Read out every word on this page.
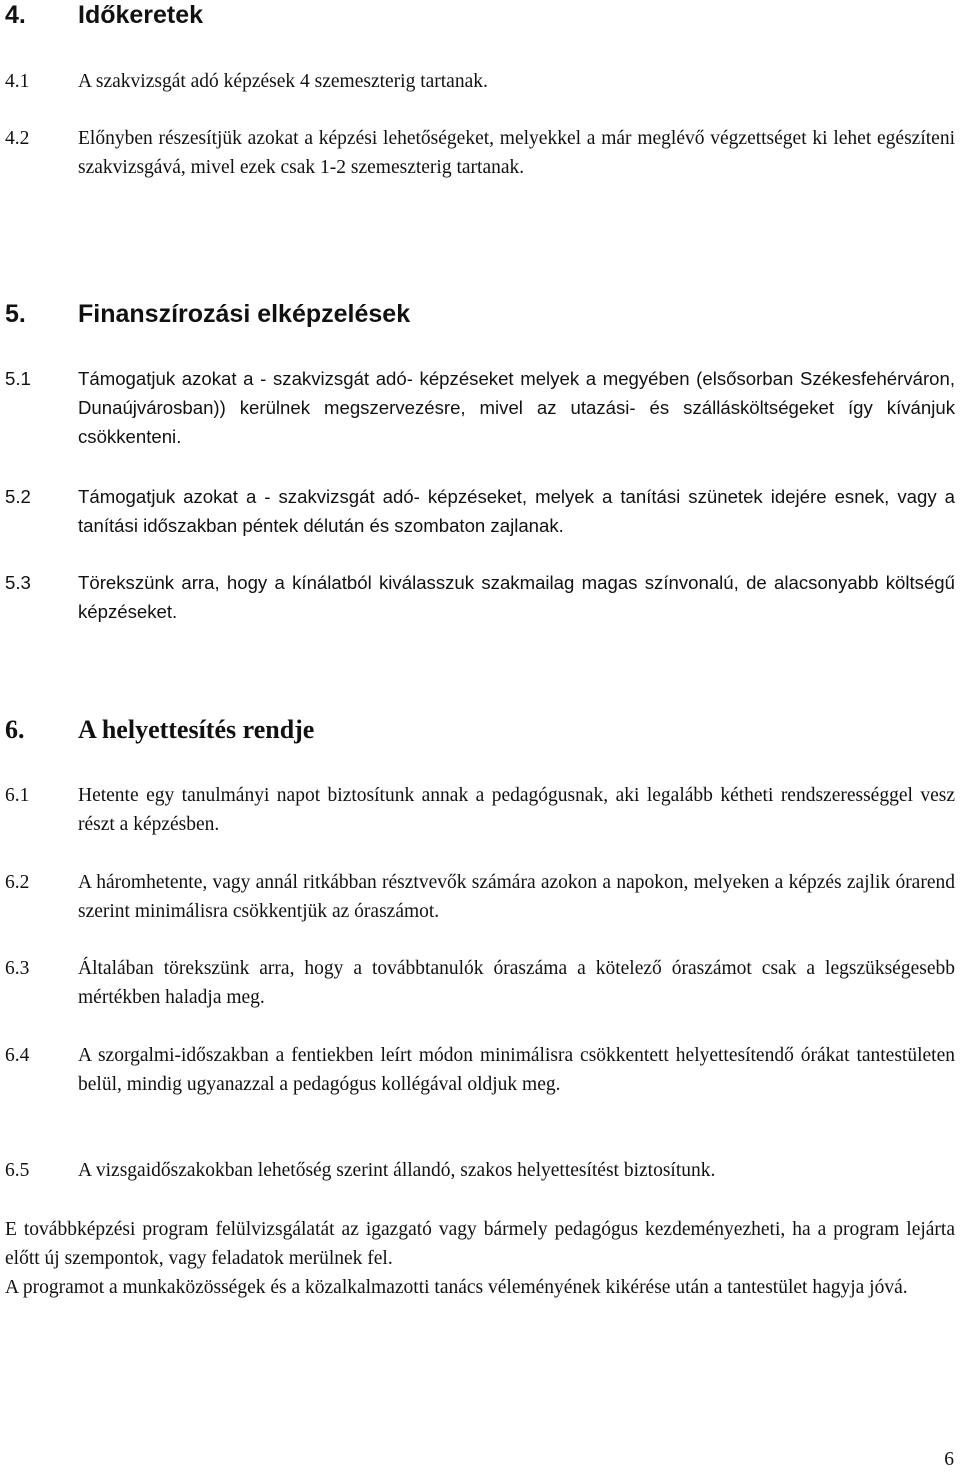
4. Időkeretek
4.1 A szakvizsgát adó képzések 4 szemeszterig tartanak.
4.2 Előnyben részesítjük azokat a képzési lehetőségeket, melyekkel a már meglévő végzettséget ki lehet egészíteni szakvizsgává, mivel ezek csak 1-2 szemeszterig tartanak.
5. Finanszírozási elképzelések
5.1	Támogatjuk azokat a - szakvizsgát adó- képzéseket melyek a megyében (elsősorban Székesfehérváron, Dunaújvárosban)) kerülnek megszervezésre, mivel az utazási- és szállásköltségeket így kívánjuk csökkenteni.
5.2	Támogatjuk azokat a - szakvizsgát adó- képzéseket, melyek a tanítási szünetek idejére esnek, vagy a tanítási időszakban péntek délután és szombaton zajlanak.
5.3	Törekszünk arra, hogy a kínálatból kiválasszuk szakmailag magas színvonalú, de alacsonyabb költségű képzéseket.
6. A helyettesítés rendje
6.1 Hetente egy tanulmányi napot biztosítunk annak a pedagógusnak, aki legalább kétheti rendszerességgel vesz részt a képzésben.
6.2 A háromhetente, vagy annál ritkábban résztvevők számára azokon a napokon, melyeken a képzés zajlik órarend szerint minimálisra csökkentjük az óraszámot.
6.3 Általában törekszünk arra, hogy a továbbtanulók óraszáma a kötelező óraszámot csak a legszükségesebb mértékben haladja meg.
6.4 A szorgalmi-időszakban a fentiekben leírt módon minimálisra csökkentett helyettesítendő órákat tantestületen belül, mindig ugyanazzal a pedagógus kollégával oldjuk meg.
6.5 A vizsgaidőszakokban lehetőség szerint állandó, szakos helyettesítést biztosítunk.

E továbbképzési program felülvizsgálatát az igazgató vagy bármely pedagógus kezdeményezheti, ha a program lejárta előtt új szempontok, vagy feladatok merülnek fel.

A programot a munkaközösségek és a közalkalmazotti tanács véleményének kikérése után a tantestület hagyja jóvá.

6
